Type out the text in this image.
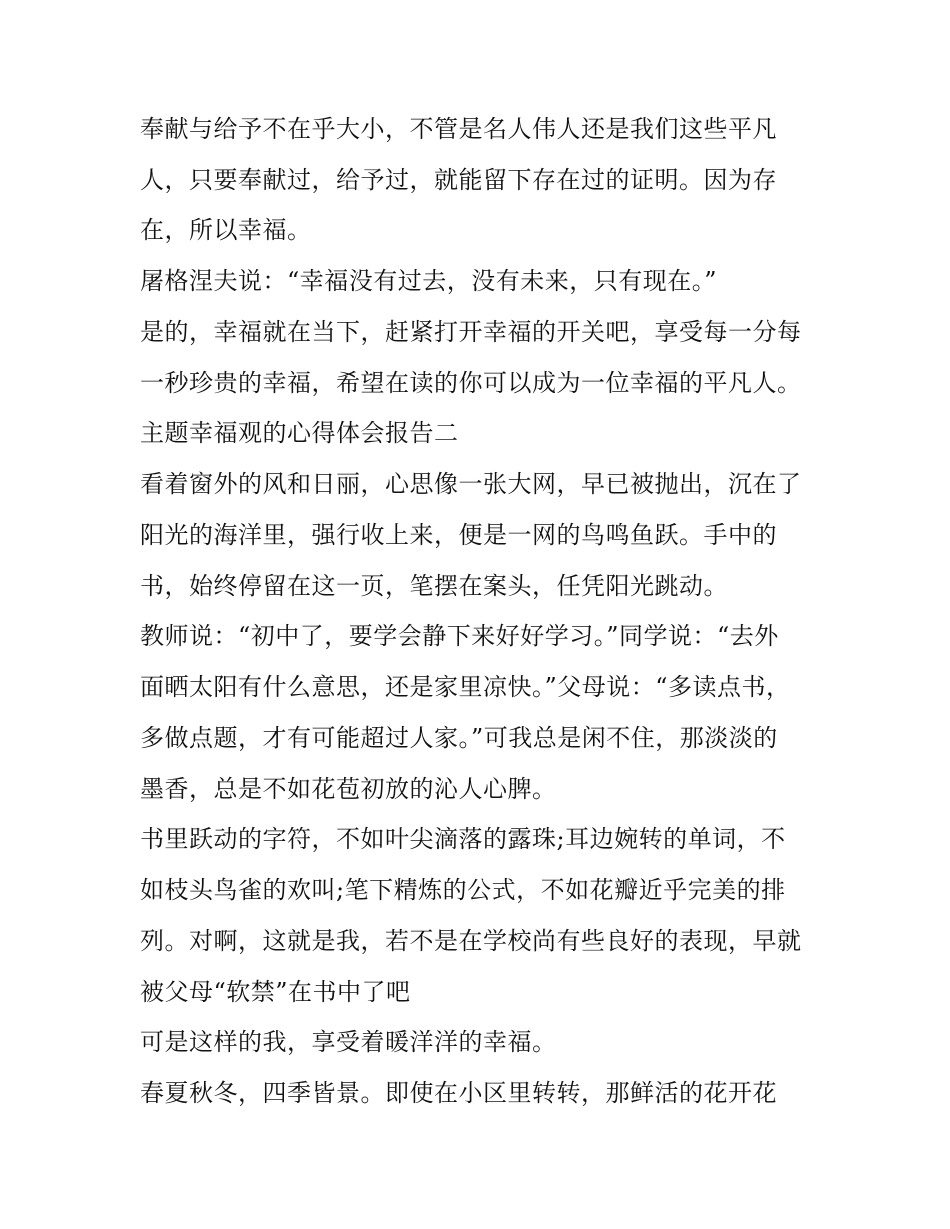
奉献与给予不在乎大小，不管是名人伟人还是我们这些平凡
人，只要奉献过，给予过，就能留下存在过的证明。因为存
在，所以幸福。
屠格涅夫说：“幸福没有过去，没有未来，只有现在。”
是的，幸福就在当下，赶紧打开幸福的开关吧，享受每一分每
一秒珍贵的幸福，希望在读的你可以成为一位幸福的平凡人。
主题幸福观的心得体会报告二
看着窗外的风和日丽，心思像一张大网，早已被抛出，沉在了
阳光的海洋里，强行收上来，便是一网的鸟鸣鱼跃。手中的
书，始终停留在这一页，笔摆在案头，任凭阳光跳动。
教师说：“初中了，要学会静下来好好学习。”同学说：“去外
面晒太阳有什么意思，还是家里凉快。”父母说：“多读点书，
多做点题，才有可能超过人家。”可我总是闲不住，那淡淡的
墨香，总是不如花苞初放的沁人心脾。
书里跃动的字符，不如叶尖滴落的露珠;耳边婉转的单词，不
如枝头鸟雀的欢叫;笔下精炼的公式，不如花瓣近乎完美的排
列。对啊，这就是我，若不是在学校尚有些良好的表现，早就
被父母“软禁”在书中了吧
可是这样的我，享受着暖洋洋的幸福。
春夏秋冬，四季皆景。即使在小区里转转，那鲜活的花开花
